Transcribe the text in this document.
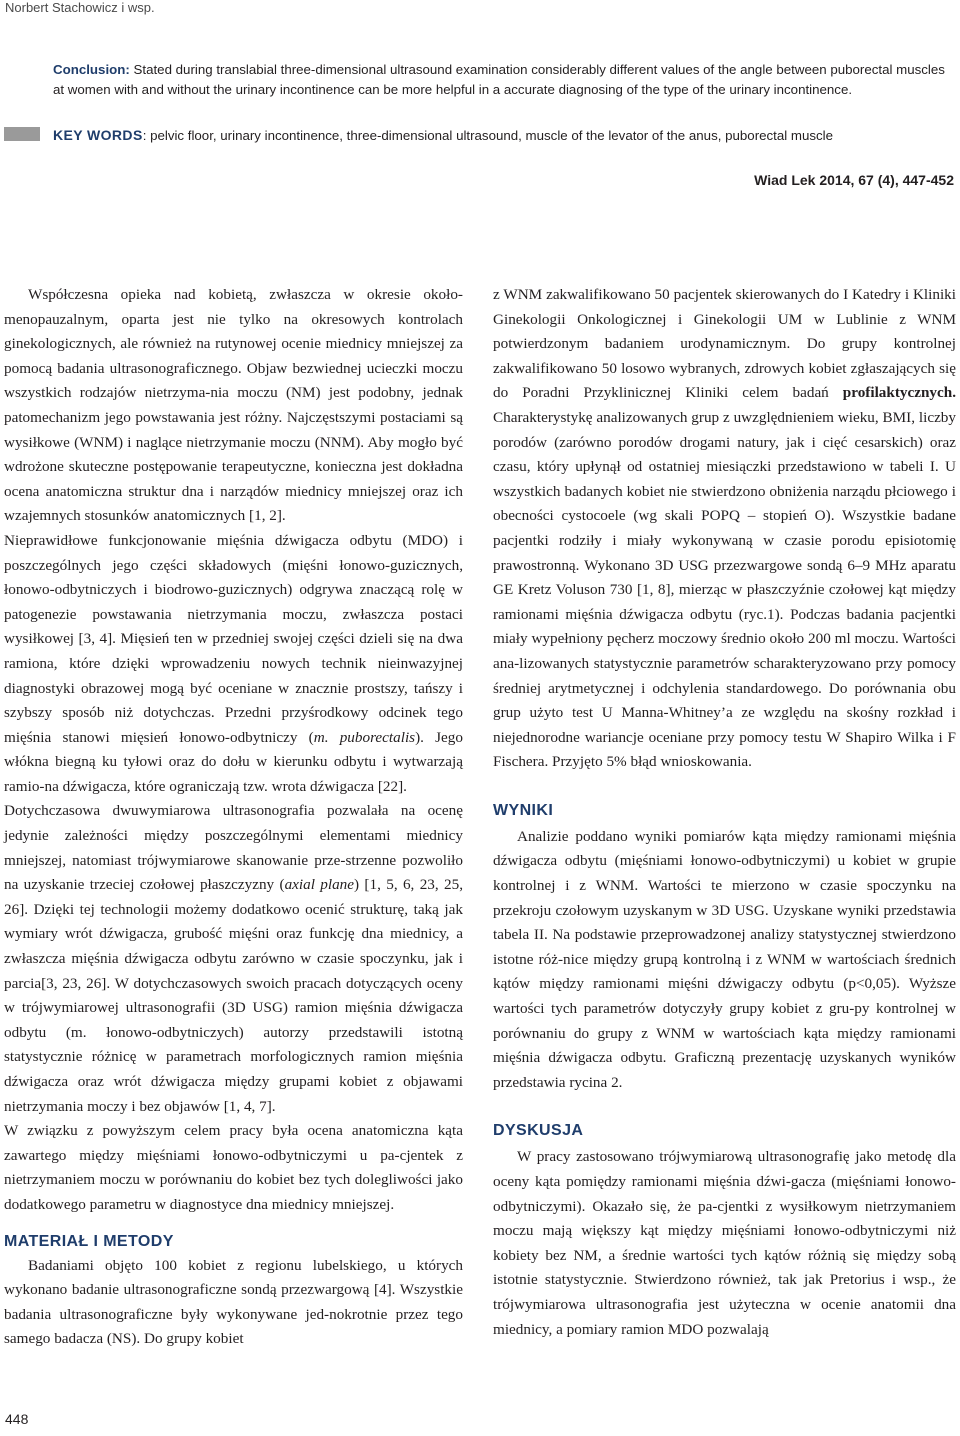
Norbert Stachowicz i wsp.
Conclusion: Stated during translabial three-dimensional ultrasound examination considerably different values of the angle between puborectal muscles at women with and without the urinary incontinence can be more helpful in a accurate diagnosing of the type of the urinary incontinence.
KEY WORDS: pelvic floor, urinary incontinence, three-dimensional ultrasound, muscle of the levator of the anus, puborectal muscle
Wiad Lek 2014, 67 (4), 447-452

Współczesna opieka nad kobietą, zwłaszcza w okresie około-menopauzalnym, oparta jest nie tylko na okresowych kontrolach ginekologicznych, ale również na rutynowej ocenie miednicy mniejszej za pomocą badania ultrasonograficznego. Objaw bezwiednej ucieczki moczu wszystkich rodzajów nietrzyma-nia moczu (NM) jest podobny, jednak patomechanizm jego powstawania jest różny. Najczęstszymi postaciami są wysiłkowe (WNM) i naglące nietrzymanie moczu (NNM). Aby mogło być wdrożone skuteczne postępowanie terapeutyczne, konieczna jest dokładna ocena anatomiczna struktur dna i narządów miednicy mniejszej oraz ich wzajemnych stosunków anatomicznych [1, 2].

Nieprawidłowe funkcjonowanie mięśnia dźwigacza odbytu (MDO) i poszczególnych jego części składowych (mięśni łonowo-guzicznych, łonowo-odbytniczych i biodrowo-guzicznych) odgrywa znaczącą rolę w patogenezie powstawania nietrzymania moczu, zwłaszcza postaci wysiłkowej [3, 4]. Mięsień ten w przedniej swojej części dzieli się na dwa ramiona, które dzięki wprowadzeniu nowych technik nieinwazyjnej diagnostyki obrazowej mogą być oceniane w znacznie prostszy, tańszy i szybszy sposób niż dotychczas. Przedni przyśrodkowy odcinek tego mięśnia stanowi mięsień łonowo-odbytniczy (m. puborectalis). Jego włókna biegną ku tyłowi oraz do dołu w kierunku odbytu i wytwarzają ramio-na dźwigacza, które ograniczają tzw. wrota dźwigacza [22].

Dotychczasowa dwuwymiarowa ultrasonografia pozwalała na ocenę jedynie zależności między poszczególnymi elementami miednicy mniejszej, natomiast trójwymiarowe skanowanie prze-strzenne pozwoliło na uzyskanie trzeciej czołowej płaszczyzny (axial plane) [1, 5, 6, 23, 25, 26]. Dzięki tej technologii możemy dodatkowo ocenić strukturę, taką jak wymiary wrót dźwigacza, grubość mięśni oraz funkcję dna miednicy, a zwłaszcza mięśnia dźwigacza odbytu zarówno w czasie spoczynku, jak i parcia[3, 23, 26]. W dotychczasowych swoich pracach dotyczących oceny w trójwymiarowej ultrasonografii (3D USG) ramion mięśnia dźwigacza odbytu (m. łonowo-odbytniczych) autorzy przedstawili istotną statystycznie różnicę w parametrach morfologicznych ramion mięśnia dźwigacza oraz wrót dźwigacza między grupami kobiet z objawami nietrzymania moczy i bez objawów [1, 4, 7].

W związku z powyższym celem pracy była ocena anatomiczna kąta zawartego między mięśniami łonowo-odbytniczymi u pa-cjentek z nietrzymaniem moczu w porównaniu do kobiet bez tych dolegliwości jako dodatkowego parametru w diagnostyce dna miednicy mniejszej.

MATERIAŁ I METODY

Badaniami objęto 100 kobiet z regionu lubelskiego, u których wykonano badanie ultrasonograficzne sondą przezwargową [4]. Wszystkie badania ultrasonograficzne były wykonywane jed-nokrotnie przez tego samego badacza (NS). Do grupy kobiet

z WNM zakwalifikowano 50 pacjentek skierowanych do I Katedry i Kliniki Ginekologii Onkologicznej i Ginekologii UM w Lublinie z WNM potwierdzonym badaniem urodynamicznym. Do grupy kontrolnej zakwalifikowano 50 losowo wybranych, zdrowych kobiet zgłaszających się do Poradni Przyklinicznej Kliniki celem badań profilaktycznych. Charakterystykę analizowanych grup z uwzględnieniem wieku, BMI, liczby porodów (zarówno porodów drogami natury, jak i cięć cesarskich) oraz czasu, który upłynął od ostatniej miesiączki przedstawiono w tabeli I. U wszystkich badanych kobiet nie stwierdzono obniżenia narządu płciowego i obecności cystocoele (wg skali POPQ – stopień O). Wszystkie badane pacjentki rodziły i miały wykonywaną w czasie porodu episiotomię prawostronną. Wykonano 3D USG przezwargowe sondą 6–9 MHz aparatu GE Kretz Voluson 730 [1, 8], mierząc w płaszczyźnie czołowej kąt między ramionami mięśnia dźwigacza odbytu (ryc.1). Podczas badania pacjentki miały wypełniony pęcherz moczowy średnio około 200 ml moczu. Wartości ana-lizowanych statystycznie parametrów scharakteryzowano przy pomocy średniej arytmetycznej i odchylenia standardowego. Do porównania obu grup użyto test U Manna-Whitney’a ze względu na skośny rozkład i niejednorodne wariancje oceniane przy pomocy testu W Shapiro Wilka i F Fischera. Przyjęto 5% błąd wnioskowania.

WYNIKI

Analizie poddano wyniki pomiarów kąta między ramionami mięśnia dźwigacza odbytu (mięśniami łonowo-odbytniczymi) u kobiet w grupie kontrolnej i z WNM. Wartości te mierzono w czasie spoczynku na przekroju czołowym uzyskanym w 3D USG. Uzyskane wyniki przedstawia tabela II. Na podstawie przeprowadzonej analizy statystycznej stwierdzono istotne róż-nice między grupą kontrolną i z WNM w wartościach średnich kątów między ramionami mięśni dźwigaczy odbytu (p<0,05). Wyższe wartości tych parametrów dotyczyły grupy kobiet z gru-py kontrolnej w porównaniu do grupy z WNM w wartościach kąta między ramionami mięśnia dźwigacza odbytu. Graficzną prezentację uzyskanych wyników przedstawia rycina 2.

DYSKUSJA

W pracy zastosowano trójwymiarową ultrasonografię jako metodę dla oceny kąta pomiędzy ramionami mięśnia dźwi-gacza (mięśniami łonowo-odbytniczymi). Okazało się, że pa-cjentki z wysiłkowym nietrzymaniem moczu mają większy kąt między mięśniami łonowo-odbytniczymi niż kobiety bez NM, a średnie wartości tych kątów różnią się między sobą istotnie statystycznie. Stwierdzono również, tak jak Pretorius i wsp., że trójwymiarowa ultrasonografia jest użyteczna w ocenie anatomii dna miednicy, a pomiary ramion MDO pozwalają

448
